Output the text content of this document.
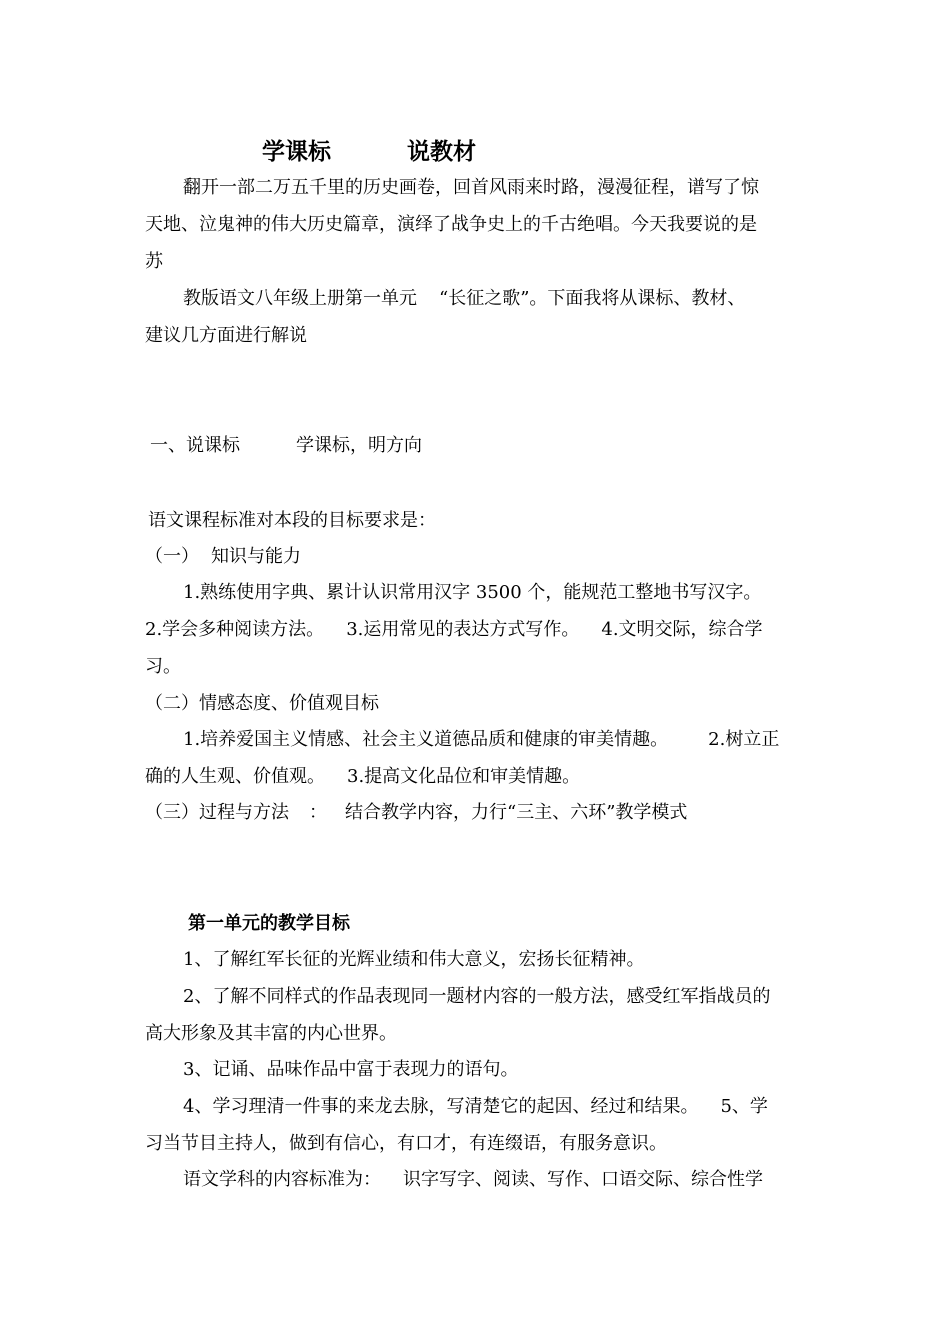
学课标	说教材
翻开一部二万五千里的历史画卷，回首风雨来时路，漫漫征程，谱写了惊
天地、泣鬼神的伟大历史篇章，演绎了战争史上的千古绝唱。今天我要说的是
苏
教版语文八年级上册第一单元 “长征之歌”。下面我将从课标、教材、
建议几方面进行解说
一、说课标	学课标，明方向
语文课程标准对本段的目标要求是：
（一） 知识与能力
1.熟练使用字典、累计认识常用汉字 3500 个，能规范工整地书写汉字。
2.学会多种阅读方法。 3.运用常见的表达方式写作。 4.文明交际，综合学
习。
（二）情感态度、价值观目标
1.培养爱国主义情感、社会主义道德品质和健康的审美情趣。 2.树立正
确的人生观、价值观。 3.提高文化品位和审美情趣。
（三）过程与方法 ： 结合教学内容，力行“三主、六环”教学模式
第一单元的教学目标
1、了解红军长征的光辉业绩和伟大意义，宏扬长征精神。
2、了解不同样式的作品表现同一题材内容的一般方法，感受红军指战员的
高大形象及其丰富的内心世界。
3、记诵、品味作品中富于表现力的语句。
4、学习理清一件事的来龙去脉，写清楚它的起因、经过和结果。 5、学
习当节目主持人，做到有信心，有口才，有连缀语，有服务意识。
语文学科的内容标准为： 识字写字、阅读、写作、口语交际、综合性学
